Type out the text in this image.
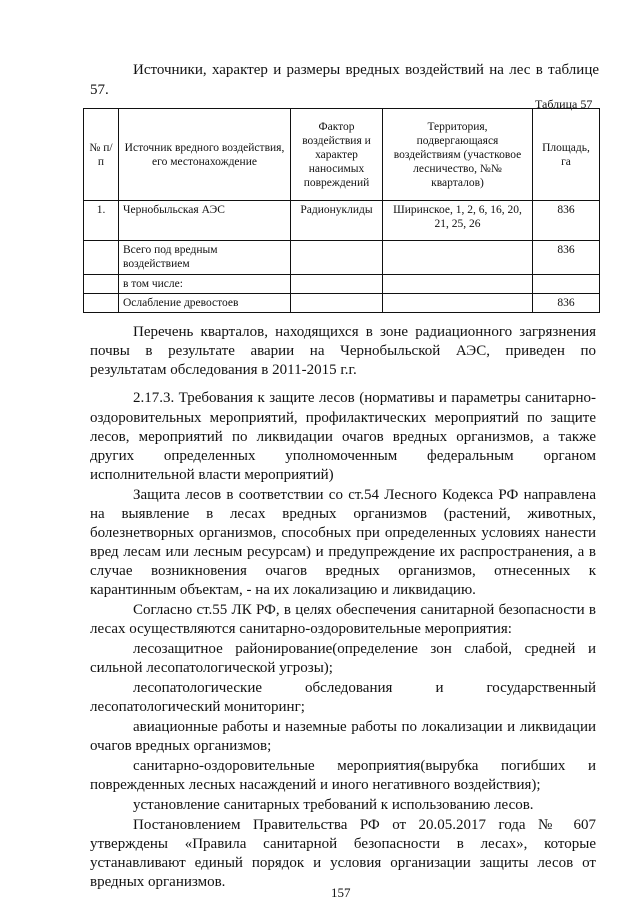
Источники, характер и размеры вредных воздействий на лес в таблице
57.
Таблица 57
№ п/п	Источник вредного воздействия, его местонахождение	Фактор воздействия и характер наносимых повреждений	Территория, подвергающаяся воздействиям (участковое лесничество, №№ кварталов)	Площадь, га
1.	Чернобыльская АЭС	Радионуклиды	Ширинское, 1, 2, 6, 16, 20, 21, 25, 26	836
	Всего под вредным воздействием			836
	в том числе:			
	Ослабление древостоев			836
Перечень кварталов, находящихся в зоне радиационного загрязнения
почвы в результате аварии на Чернобыльской АЭС, приведен по
результатам обследования в 2011-2015 г.г.
2.17.3. Требования к защите лесов (нормативы и параметры санитарно-
оздоровительных мероприятий, профилактических мероприятий по защите
лесов, мероприятий по ликвидации очагов вредных организмов, а также
других определенных уполномоченным федеральным органом
исполнительной власти мероприятий)
Защита лесов в соответствии со ст.54 Лесного Кодекса РФ направлена
на выявление в лесах вредных организмов (растений, животных,
болезнетворных организмов, способных при определенных условиях нанести
вред лесам или лесным ресурсам) и предупреждение их распространения, а в
случае возникновения очагов вредных организмов, отнесенных к
карантинным объектам, - на их локализацию и ликвидацию.
Согласно ст.55 ЛК РФ, в целях обеспечения санитарной безопасности в
лесах осуществляются санитарно-оздоровительные мероприятия:
лесозащитное районирование(определение зон слабой, средней и
сильной лесопатологической угрозы);
лесопатологические обследования и государственный
лесопатологический мониторинг;
авиационные работы и наземные работы по локализации и ликвидации
очагов вредных организмов;
санитарно-оздоровительные мероприятия(вырубка погибших и
поврежденных лесных насаждений и иного негативного воздействия);
установление санитарных требований к использованию лесов.
Постановлением Правительства РФ от 20.05.2017 года № 607
утверждены «Правила санитарной безопасности в лесах», которые
устанавливают единый порядок и условия организации защиты лесов от
вредных организмов.
157
